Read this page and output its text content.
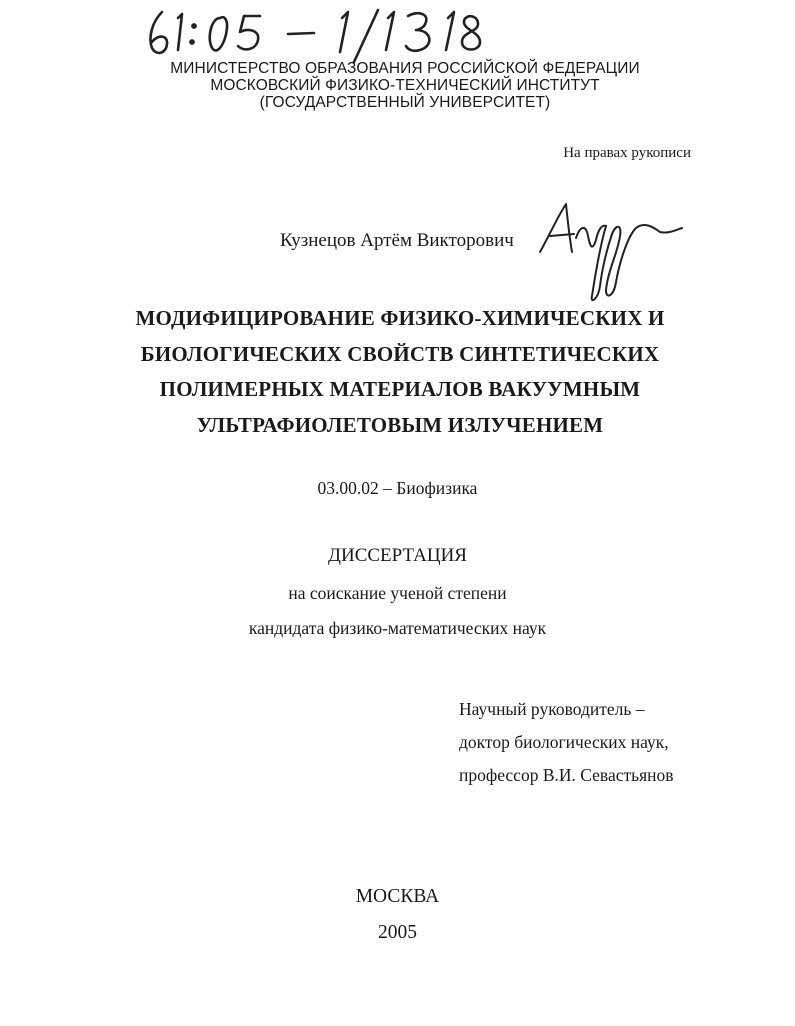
МИНИСТЕРСТВО ОБРАЗОВАНИЯ РОССИЙСКОЙ ФЕДЕРАЦИИ
МОСКОВСКИЙ ФИЗИКО-ТЕХНИЧЕСКИЙ ИНСТИТУТ
(ГОСУДАРСТВЕННЫЙ УНИВЕРСИТЕТ)
На правах рукописи
Кузнецов Артём Викторович
МОДИФИЦИРОВАНИЕ ФИЗИКО-ХИМИЧЕСКИХ И
БИОЛОГИЧЕСКИХ СВОЙСТВ СИНТЕТИЧЕСКИХ
ПОЛИМЕРНЫХ МАТЕРИАЛОВ ВАКУУМНЫМ
УЛЬТРАФИОЛЕТОВЫМ ИЗЛУЧЕНИЕМ
03.00.02 – Биофизика
ДИССЕРТАЦИЯ
на соискание ученой степени
кандидата физико-математических наук
Научный руководитель –
доктор биологических наук,
профессор В.И. Севастьянов
МОСКВА
2005
